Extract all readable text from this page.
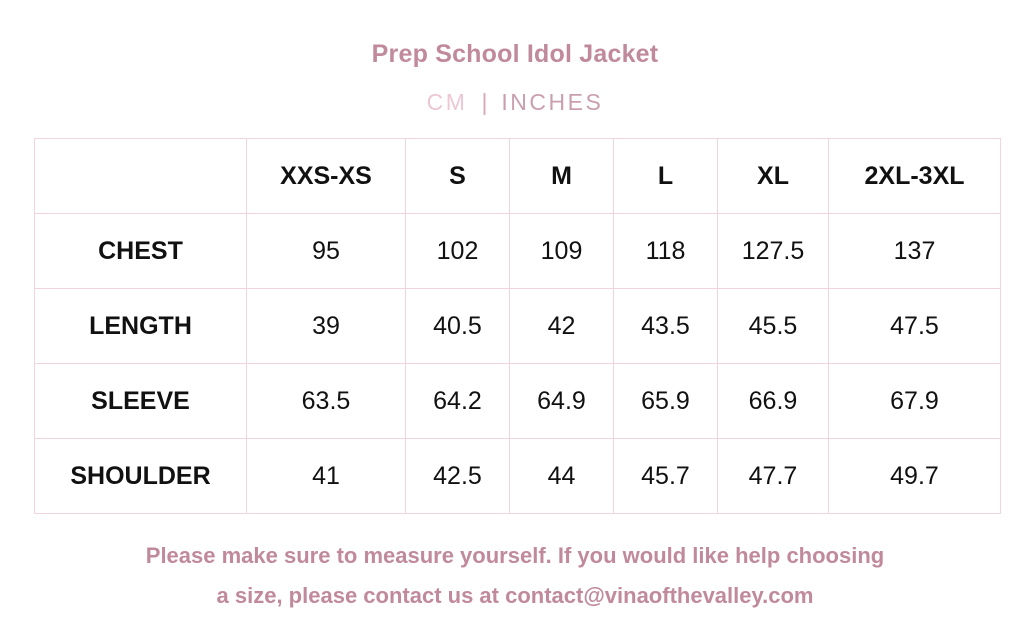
Prep School Idol Jacket
CM | INCHES
	XXS-XS	S	M	L	XL	2XL-3XL
CHEST	95	102	109	118	127.5	137
LENGTH	39	40.5	42	43.5	45.5	47.5
SLEEVE	63.5	64.2	64.9	65.9	66.9	67.9
SHOULDER	41	42.5	44	45.7	47.7	49.7
Please make sure to measure yourself. If you would like help choosing
a size, please contact us at contact@vinaofthevalley.com
